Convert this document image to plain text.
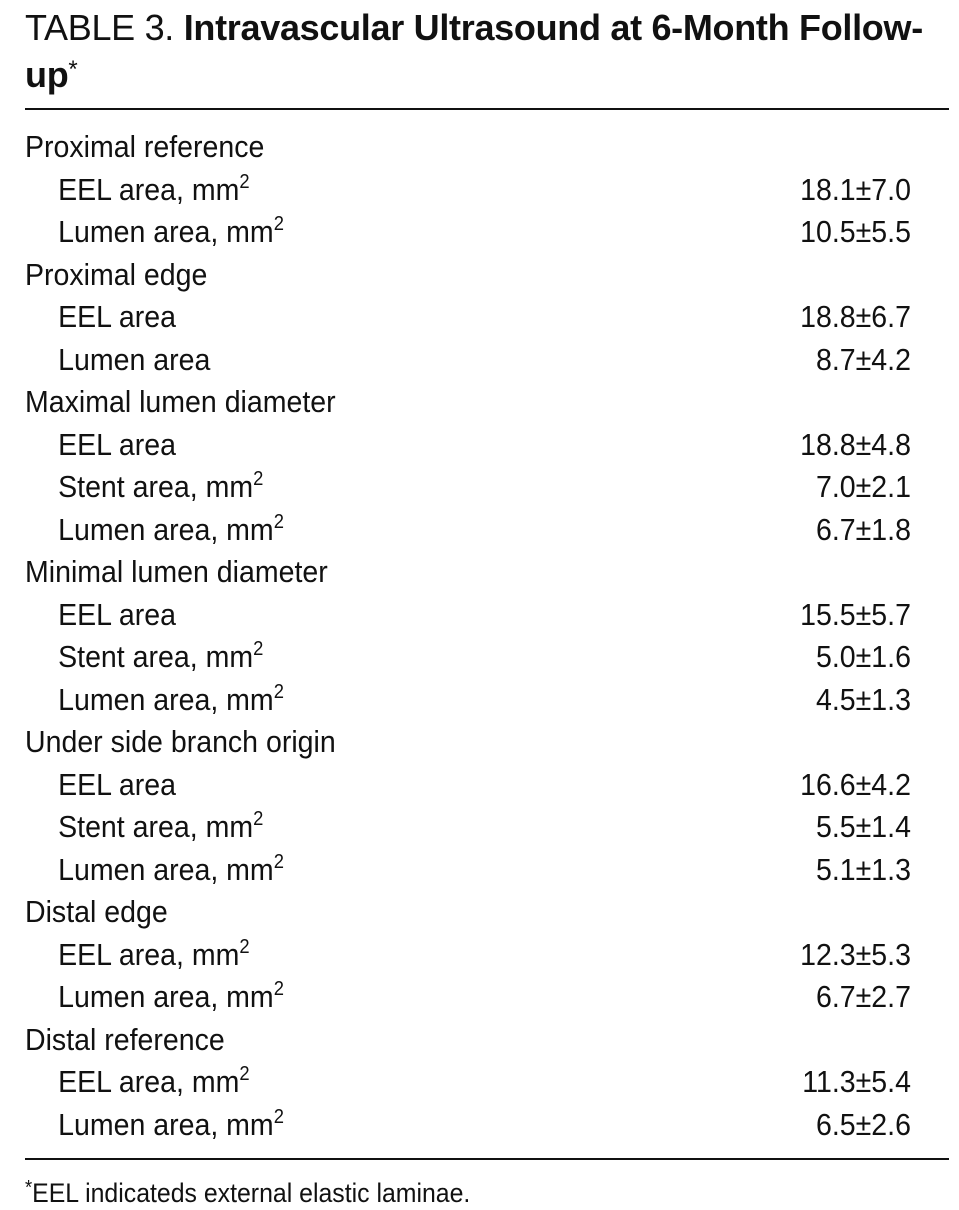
TABLE 3. Intravascular Ultrasound at 6-Month Follow-up*

Proximal reference
EEL area, $mm^2$	18.1±7.0
Lumen area, $mm^2$	10.5±5.5
Proximal edge
EEL area	18.8±6.7
Lumen area	8.7±4.2
Maximal lumen diameter
EEL area	18.8±4.8
Stent area, $mm^2$	7.0±2.1
Lumen area, $mm^2$	6.7±1.8
Minimal lumen diameter
EEL area	15.5±5.7
Stent area, $mm^2$	5.0±1.6
Lumen area, $mm^2$	4.5±1.3
Under side branch origin
EEL area	16.6±4.2
Stent area, $mm^2$	5.5±1.4
Lumen area, $mm^2$	5.1±1.3
Distal edge
EEL area, $mm^2$	12.3±5.3
Lumen area, $mm^2$	6.7±2.7
Distal reference
EEL area, $mm^2$	11.3±5.4
Lumen area, $mm^2$	6.5±2.6

*EEL indicateds external elastic laminae.
